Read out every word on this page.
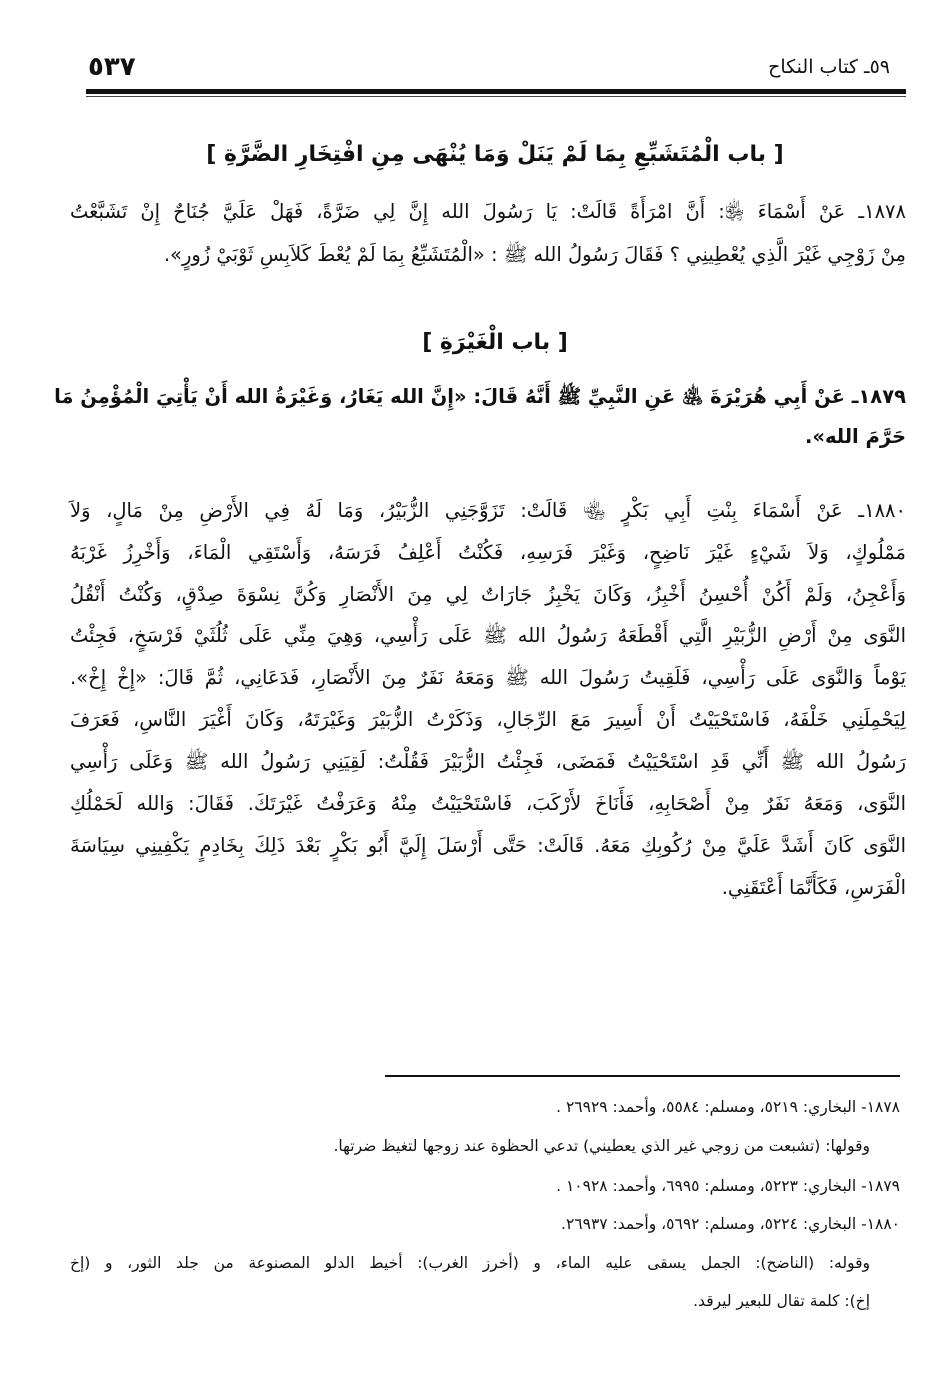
٥٣٧	٥٩ـ كتاب النكاح
[ باب الْمُتَشَبِّعِ بِمَا لَمْ يَنَلْ وَمَا يُنْهَى مِنِ افْتِخَارِ الضَّرَّةِ ]
١٨٧٨ـ عَنْ أَسْمَاءَ ﵂: أَنَّ امْرَأَةً قَالَتْ: يَا رَسُولَ الله إِنَّ لِي ضَرَّةً، فَهَلْ عَلَيَّ جُنَاحٌ إِنْ تَشَبَّعْتُ
مِنْ زَوْجِي غَيْرَ الَّذِي يُعْطِينِي ؟ فَقَالَ رَسُولُ الله ﷺ : «الْمُتَشَبِّعُ بِمَا لَمْ يُعْطَ كَلاَبِسِ ثَوْبَيْ زُورٍ».
[ باب الْغَيْرَةِ ]
١٨٧٩ـ عَنْ أَبِي هُرَيْرَةَ ﵁ عَنِ النَّبِيِّ ﷺ أَنَّهُ قَالَ: «إِنَّ الله يَغَارُ، وَغَيْرَةُ الله أَنْ يَأْتِيَ الْمُؤْمِنُ مَا
حَرَّمَ الله».
١٨٨٠ـ عَنْ أَسْمَاءَ بِنْتِ أَبِي بَكْرٍ ﵄ قَالَتْ: تَزَوَّجَنِي الزُّبَيْرُ، وَمَا لَهُ فِي الأَرْضِ مِنْ مَالٍ، وَلاَ
مَمْلُوكٍ، وَلاَ شَيْءٍ غَيْرَ نَاضِحٍ، وَغَيْرَ فَرَسِهِ، فَكُنْتُ أَعْلِفُ فَرَسَهُ، وَأَسْتَقِي الْمَاءَ، وَأَخْرِزُ غَرْبَهُ
وَأَعْجِنُ، وَلَمْ أَكُنْ أُحْسِنُ أَخْبِزُ، وَكَانَ يَخْبِزُ جَارَاتٌ لِي مِنَ الأَنْصَارِ وَكُنَّ نِسْوَةَ صِدْقٍ، وَكُنْتُ أَنْقُلُ
النَّوَى مِنْ أَرْضِ الزُّبَيْرِ الَّتِي أَقْطَعَهُ رَسُولُ الله ﷺ عَلَى رَأْسِي، وَهِيَ مِنِّي عَلَى ثُلُثَيْ فَرْسَخٍ، فَجِئْتُ
يَوْماً وَالنَّوَى عَلَى رَأْسِي، فَلَقِيتُ رَسُولَ الله ﷺ وَمَعَهُ نَفَرٌ مِنَ الأَنْصَارِ، فَدَعَانِي، ثُمَّ قَالَ: «إِخْ إِخْ».
لِيَحْمِلَنِي خَلْفَهُ، فَاسْتَحْيَيْتُ أَنْ أَسِيرَ مَعَ الرِّجَالِ، وَذَكَرْتُ الزُّبَيْرَ وَغَيْرَتَهُ، وَكَانَ أَغْيَرَ النَّاسِ، فَعَرَفَ
رَسُولُ الله ﷺ أَنِّي قَدِ اسْتَحْيَيْتُ فَمَضَى، فَجِئْتُ الزُّبَيْرَ فَقُلْتُ: لَقِيَنِي رَسُولُ الله ﷺ وَعَلَى رَأْسِي
النَّوَى، وَمَعَهُ نَفَرٌ مِنْ أَصْحَابِهِ، فَأَنَاخَ لأَرْكَبَ، فَاسْتَحْيَيْتُ مِنْهُ وَعَرَفْتُ غَيْرَتَكَ. فَقَالَ: وَالله لَحَمْلُكِ
النَّوَى كَانَ أَشَدَّ عَلَيَّ مِنْ رُكُوبِكِ مَعَهُ. قَالَتْ: حَتَّى أَرْسَلَ إِلَيَّ أَبُو بَكْرٍ بَعْدَ ذَلِكَ بِخَادِمٍ يَكْفِينِي سِيَاسَةَ
الْفَرَسِ، فَكَأَنَّمَا أَعْتَقَنِي.
١٨٧٨- البخاري: ٥٢١٩، ومسلم: ٥٥٨٤، وأحمد: ٢٦٩٢٩ .
وقولها: (تشبعت من زوجي غير الذي يعطيني) تدعي الحظوة عند زوجها لتغيظ ضرتها.
١٨٧٩- البخاري: ٥٢٢٣، ومسلم: ٦٩٩٥، وأحمد: ١٠٩٢٨ .
١٨٨٠- البخاري: ٥٢٢٤، ومسلم: ٥٦٩٢، وأحمد: ٢٦٩٣٧.
وقوله: (الناضح): الجمل يسقى عليه الماء، و (أخرز الغرب): أخيط الدلو المصنوعة من جلد الثور، و (إخ
إخ): كلمة تقال للبعير ليرقد.
